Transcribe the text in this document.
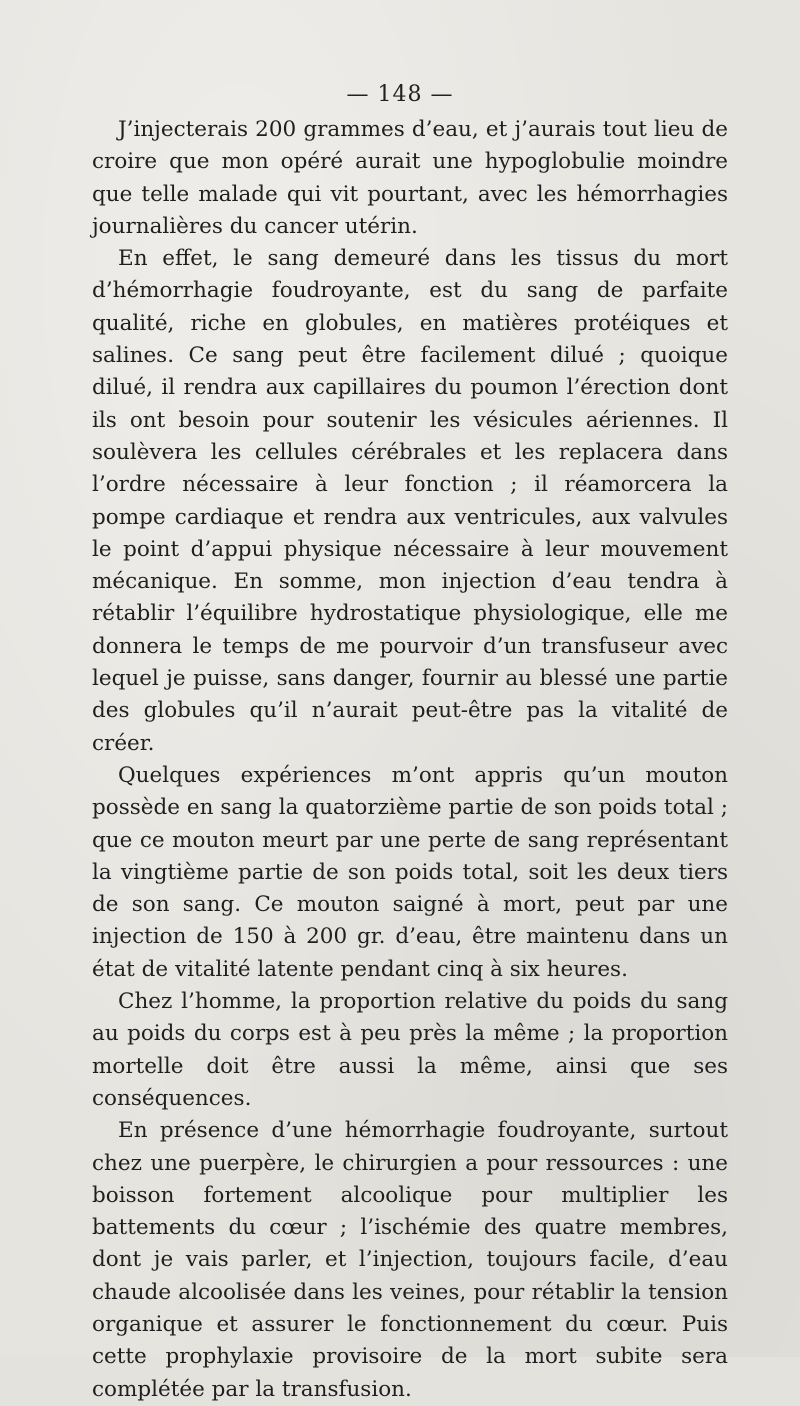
— 148 —

J’injecterais 200 grammes d’eau, et j’aurais tout lieu de croire que mon opéré aurait une hypoglobulie moindre que telle malade qui vit pourtant, avec les hémorrhagies journalières du cancer utérin.

En effet, le sang demeuré dans les tissus du mort d’hémorrhagie foudroyante, est du sang de parfaite qualité, riche en globules, en matières protéiques et salines. Ce sang peut être facilement dilué ; quoique dilué, il rendra aux capillaires du poumon l’érection dont ils ont besoin pour soutenir les vésicules aériennes. Il soulèvera les cellules cérébrales et les replacera dans l’ordre nécessaire à leur fonction ; il réamorcera la pompe cardiaque et rendra aux ventricules, aux valvules le point d’appui physique nécessaire à leur mouvement mécanique. En somme, mon injection d’eau tendra à rétablir l’équilibre hydrostatique physiologique, elle me donnera le temps de me pourvoir d’un transfuseur avec lequel je puisse, sans danger, fournir au blessé une partie des globules qu’il n’aurait peut-être pas la vitalité de créer.

Quelques expériences m’ont appris qu’un mouton possède en sang la quatorzième partie de son poids total ; que ce mouton meurt par une perte de sang représentant la vingtième partie de son poids total, soit les deux tiers de son sang. Ce mouton saigné à mort, peut par une injection de 150 à 200 gr. d’eau, être maintenu dans un état de vitalité latente pendant cinq à six heures.

Chez l’homme, la proportion relative du poids du sang au poids du corps est à peu près la même ; la proportion mortelle doit être aussi la même, ainsi que ses conséquences.

En présence d’une hémorrhagie foudroyante, surtout chez une puerpère, le chirurgien a pour ressources : une boisson fortement alcoolique pour multiplier les battements du cœur ; l’ischémie des quatre membres, dont je vais parler, et l’injection, toujours facile, d’eau chaude alcoolisée dans les veines, pour rétablir la tension organique et assurer le fonctionnement du cœur. Puis cette prophylaxie provisoire de la mort subite sera complétée par la transfusion.
